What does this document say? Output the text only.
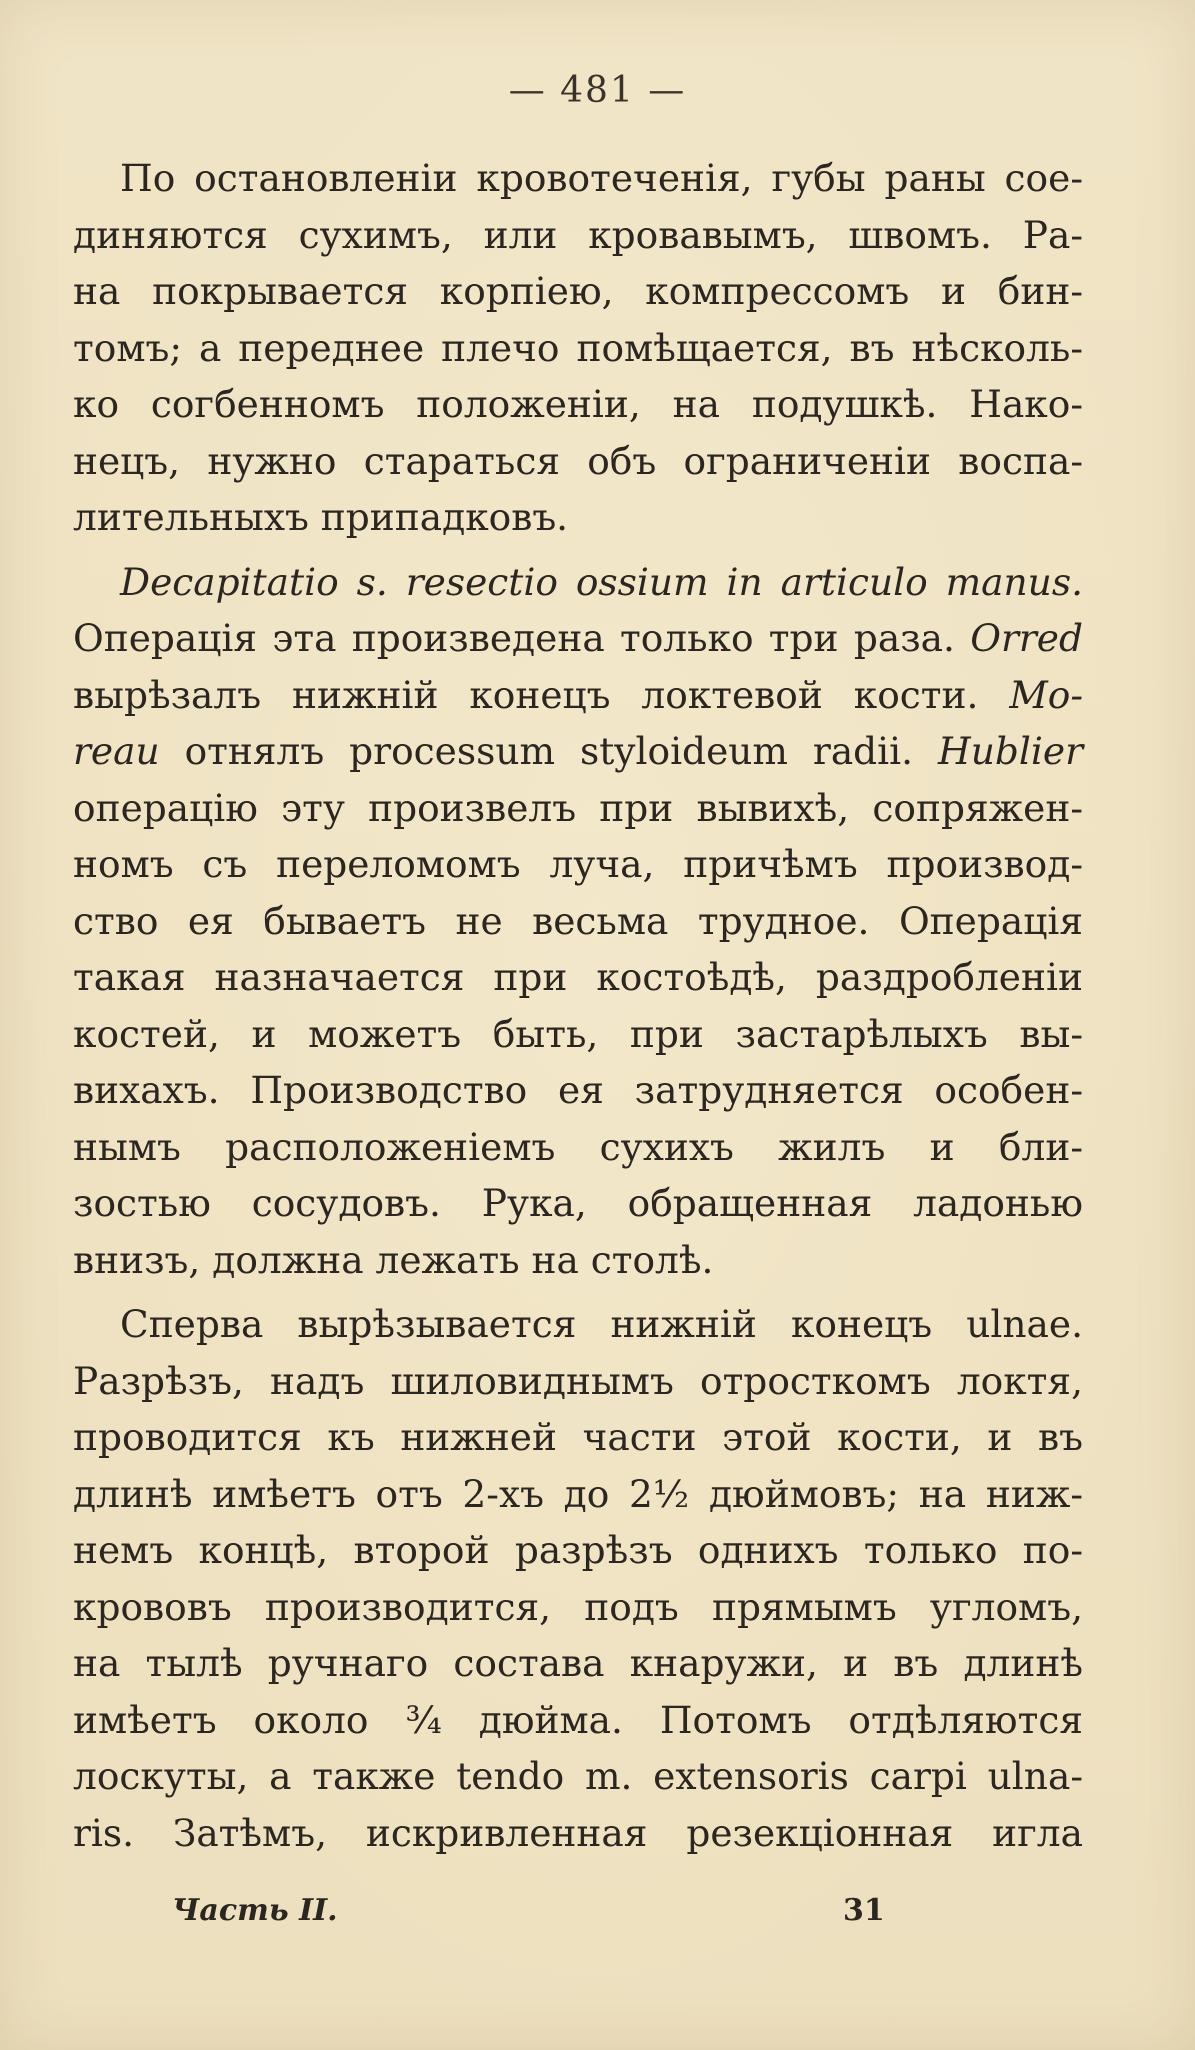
— 481 —

По остановленіи кровотеченія, губы раны сое-
диняются сухимъ, или кровавымъ, швомъ. Ра-
на покрывается корпіею, компрессомъ и бин-
томъ; а переднее плечо помѣщается, въ нѣсколь-
ко согбенномъ положеніи, на подушкѣ. Нако-
нецъ, нужно стараться объ ограниченіи воспа-
лительныхъ припадковъ.

Decapitatio s. resectio ossium in articulo manus.
Операція эта произведена только три раза. Orred
вырѣзалъ нижній конецъ локтевой кости. Mo-
reau отнялъ processum styloideum radii. Hublier
операцію эту произвелъ при вывихѣ, сопряжен-
номъ съ переломомъ луча, причѣмъ производ-
ство ея бываетъ не весьма трудное. Операція
такая назначается при костоѣдѣ, раздробленіи
костей, и можетъ быть, при застарѣлыхъ вы-
вихахъ. Производство ея затрудняется особен-
нымъ расположеніемъ сухихъ жилъ и бли-
зостью сосудовъ. Рука, обращенная ладонью
внизъ, должна лежать на столѣ.

Сперва вырѣзывается нижній конецъ ulnae.
Разрѣзъ, надъ шиловиднымъ отросткомъ локтя,
проводится къ нижней части этой кости, и въ
длинѣ имѣетъ отъ 2-хъ до 2½ дюймовъ; на ниж-
немъ концѣ, второй разрѣзъ однихъ только по-
крововъ производится, подъ прямымъ угломъ,
на тылѣ ручнаго состава кнаружи, и въ длинѣ
имѣетъ около ¾ дюйма. Потомъ отдѣляются
лоскуты, а также tendo m. extensoris carpi ulna-
ris. Затѣмъ, искривленная резекціонная игла

Часть II.	31
